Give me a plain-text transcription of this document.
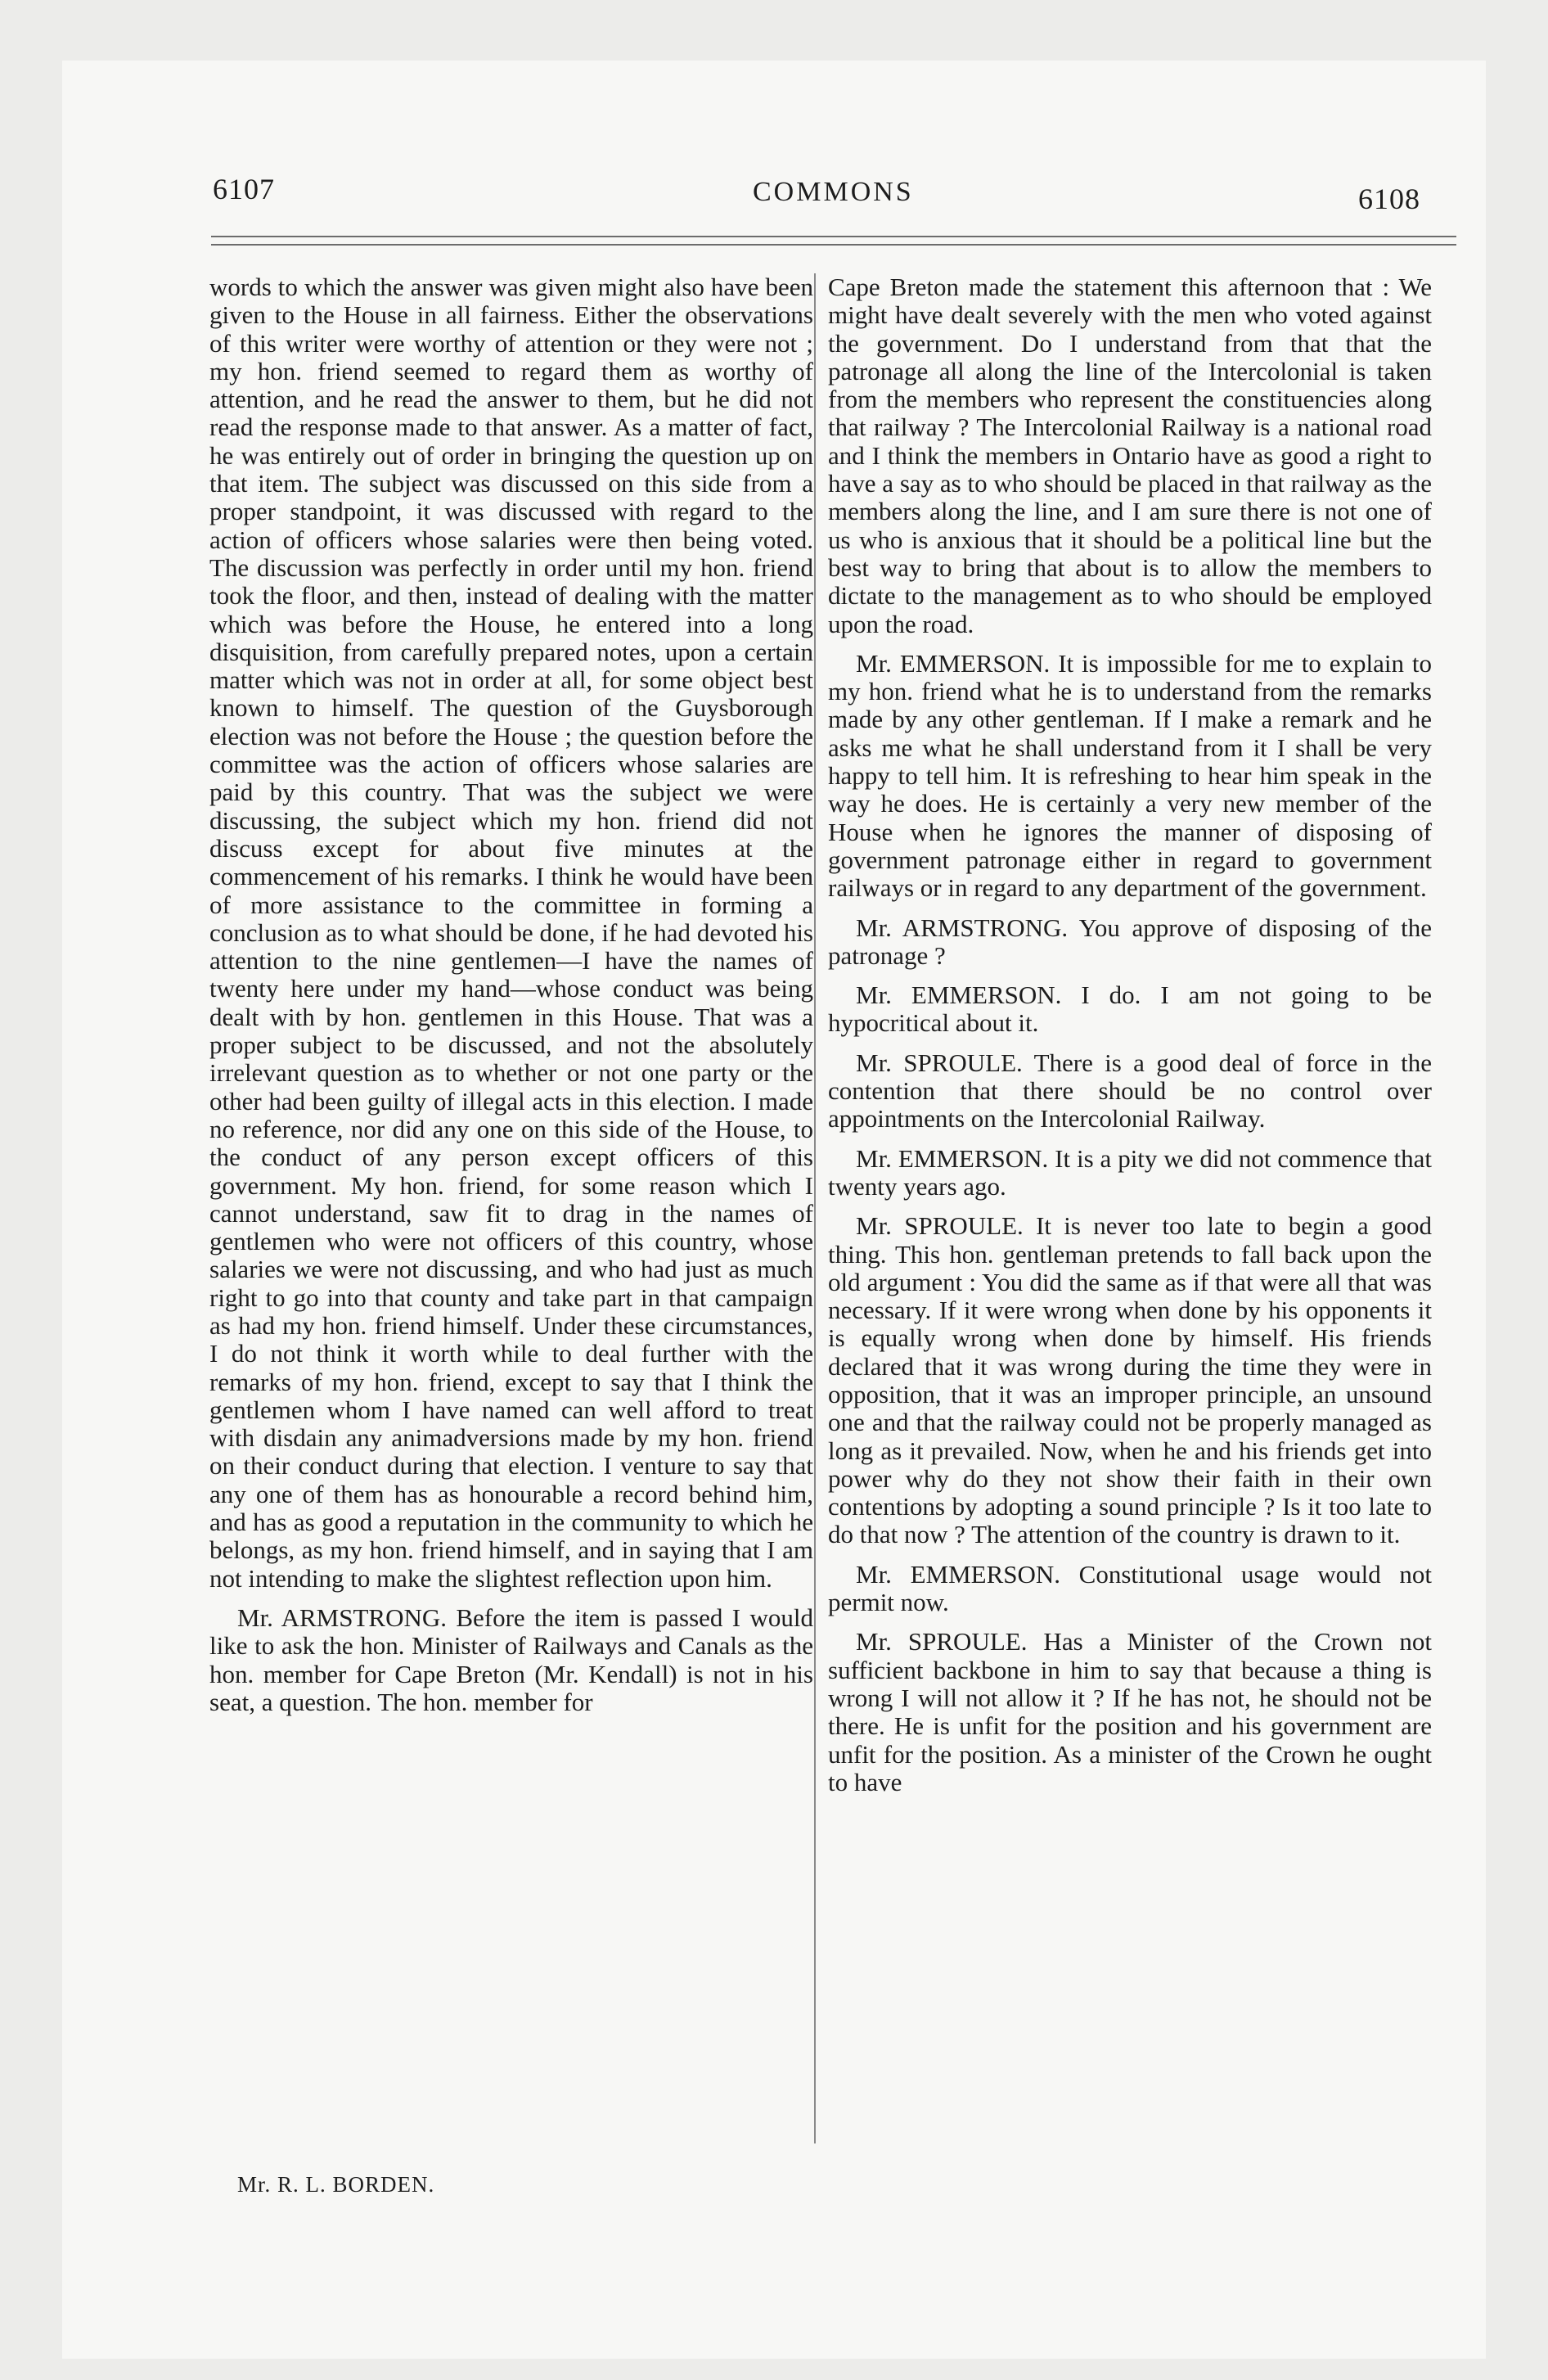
6107	COMMONS	6108

words to which the answer was given might also have been given to the House in all fairness. Either the observations of this writer were worthy of attention or they were not ; my hon. friend seemed to regard them as worthy of attention, and he read the answer to them, but he did not read the response made to that answer. As a matter of fact, he was entirely out of order in bringing the question up on that item. The subject was discussed on this side from a proper standpoint, it was discussed with regard to the action of officers whose salaries were then being voted. The discussion was perfectly in order until my hon. friend took the floor, and then, instead of dealing with the matter which was before the House, he entered into a long disquisition, from carefully prepared notes, upon a certain matter which was not in order at all, for some object best known to himself. The question of the Guysborough election was not before the House ; the question before the committee was the action of officers whose salaries are paid by this country. That was the subject we were discussing, the subject which my hon. friend did not discuss except for about five minutes at the commencement of his remarks. I think he would have been of more assistance to the committee in forming a conclusion as to what should be done, if he had devoted his attention to the nine gentlemen—I have the names of twenty here under my hand—whose conduct was being dealt with by hon. gentlemen in this House. That was a proper subject to be discussed, and not the absolutely irrelevant question as to whether or not one party or the other had been guilty of illegal acts in this election. I made no reference, nor did any one on this side of the House, to the conduct of any person except officers of this government. My hon. friend, for some reason which I cannot understand, saw fit to drag in the names of gentlemen who were not officers of this country, whose salaries we were not discussing, and who had just as much right to go into that county and take part in that campaign as had my hon. friend himself. Under these circumstances, I do not think it worth while to deal further with the remarks of my hon. friend, except to say that I think the gentlemen whom I have named can well afford to treat with disdain any animadversions made by my hon. friend on their conduct during that election. I venture to say that any one of them has as honourable a record behind him, and has as good a reputation in the community to which he belongs, as my hon. friend himself, and in saying that I am not intending to make the slightest reflection upon him.

Mr. ARMSTRONG. Before the item is passed I would like to ask the hon. Minister of Railways and Canals as the hon. member for Cape Breton (Mr. Kendall) is not in his seat, a question. The hon. member for

Cape Breton made the statement this afternoon that : We might have dealt severely with the men who voted against the government. Do I understand from that that the patronage all along the line of the Intercolonial is taken from the members who represent the constituencies along that railway ? The Intercolonial Railway is a national road and I think the members in Ontario have as good a right to have a say as to who should be placed in that railway as the members along the line, and I am sure there is not one of us who is anxious that it should be a political line but the best way to bring that about is to allow the members to dictate to the management as to who should be employed upon the road.

Mr. EMMERSON. It is impossible for me to explain to my hon. friend what he is to understand from the remarks made by any other gentleman. If I make a remark and he asks me what he shall understand from it I shall be very happy to tell him. It is refreshing to hear him speak in the way he does. He is certainly a very new member of the House when he ignores the manner of disposing of government patronage either in regard to government railways or in regard to any department of the government.

Mr. ARMSTRONG. You approve of disposing of the patronage ?

Mr. EMMERSON. I do. I am not going to be hypocritical about it.

Mr. SPROULE. There is a good deal of force in the contention that there should be no control over appointments on the Intercolonial Railway.

Mr. EMMERSON. It is a pity we did not commence that twenty years ago.

Mr. SPROULE. It is never too late to begin a good thing. This hon. gentleman pretends to fall back upon the old argument : You did the same as if that were all that was necessary. If it were wrong when done by his opponents it is equally wrong when done by himself. His friends declared that it was wrong during the time they were in opposition, that it was an improper principle, an unsound one and that the railway could not be properly managed as long as it prevailed. Now, when he and his friends get into power why do they not show their faith in their own contentions by adopting a sound principle ? Is it too late to do that now ? The attention of the country is drawn to it.

Mr. EMMERSON. Constitutional usage would not permit now.

Mr. SPROULE. Has a Minister of the Crown not sufficient backbone in him to say that because a thing is wrong I will not allow it ? If he has not, he should not be there. He is unfit for the position and his government are unfit for the position. As a minister of the Crown he ought to have

Mr. R. L. BORDEN.
